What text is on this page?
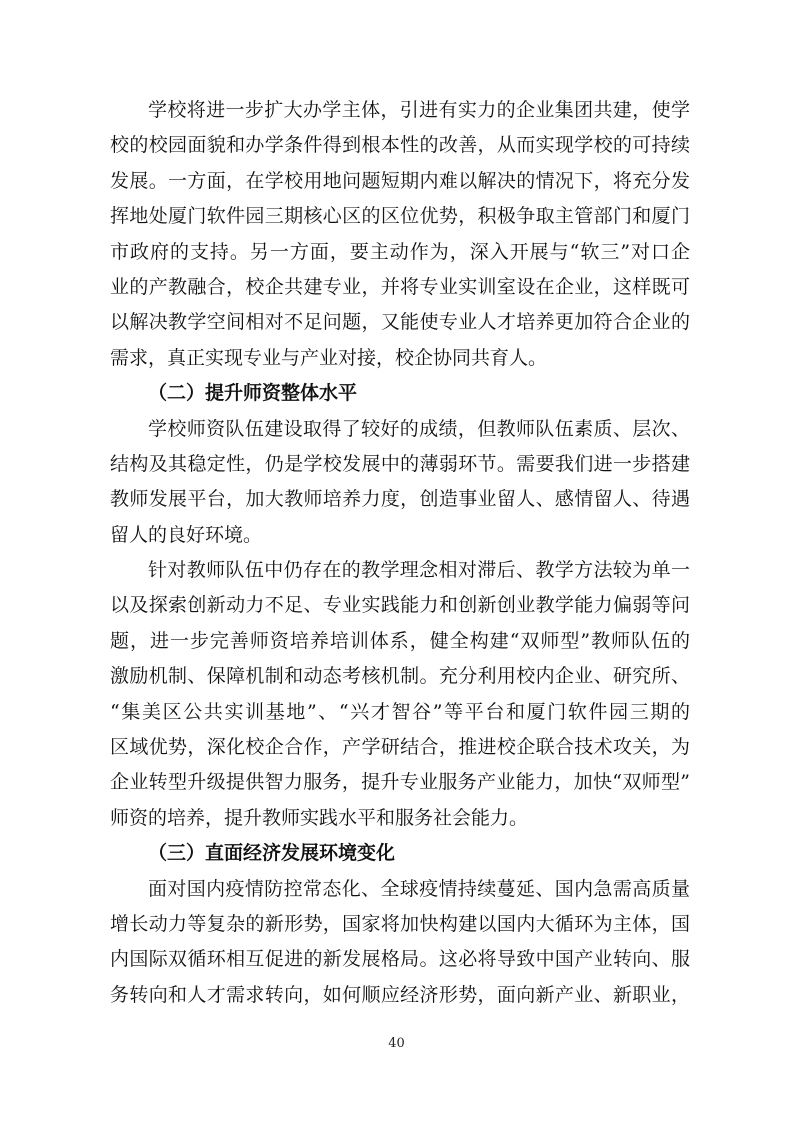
学校将进一步扩大办学主体，引进有实力的企业集团共建，使学
校的校园面貌和办学条件得到根本性的改善，从而实现学校的可持续
发展。一方面，在学校用地问题短期内难以解决的情况下，将充分发
挥地处厦门软件园三期核心区的区位优势，积极争取主管部门和厦门
市政府的支持。另一方面，要主动作为，深入开展与“软三”对口企
业的产教融合，校企共建专业，并将专业实训室设在企业，这样既可
以解决教学空间相对不足问题，又能使专业人才培养更加符合企业的
需求，真正实现专业与产业对接，校企协同共育人。
（二）提升师资整体水平
学校师资队伍建设取得了较好的成绩，但教师队伍素质、层次、
结构及其稳定性，仍是学校发展中的薄弱环节。需要我们进一步搭建
教师发展平台，加大教师培养力度，创造事业留人、感情留人、待遇
留人的良好环境。
针对教师队伍中仍存在的教学理念相对滞后、教学方法较为单一
以及探索创新动力不足、专业实践能力和创新创业教学能力偏弱等问
题，进一步完善师资培养培训体系，健全构建“双师型”教师队伍的
激励机制、保障机制和动态考核机制。充分利用校内企业、研究所、
“集美区公共实训基地”、“兴才智谷”等平台和厦门软件园三期的
区域优势，深化校企合作，产学研结合，推进校企联合技术攻关，为
企业转型升级提供智力服务，提升专业服务产业能力，加快“双师型”
师资的培养，提升教师实践水平和服务社会能力。
（三）直面经济发展环境变化
面对国内疫情防控常态化、全球疫情持续蔓延、国内急需高质量
增长动力等复杂的新形势，国家将加快构建以国内大循环为主体，国
内国际双循环相互促进的新发展格局。这必将导致中国产业转向、服
务转向和人才需求转向，如何顺应经济形势，面向新产业、新职业，
40
